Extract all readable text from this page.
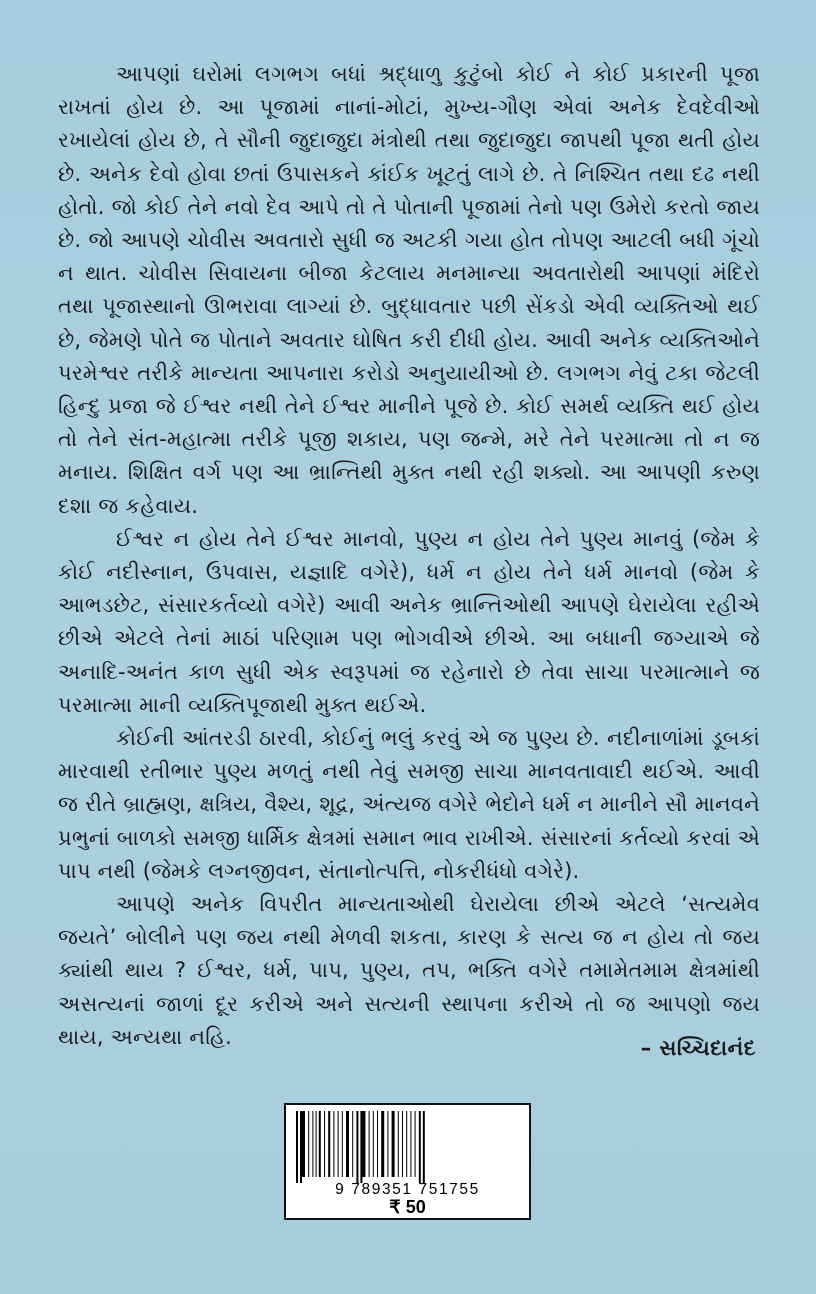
આપણાં ઘરોમાં લગભગ બધાં શ્રદ્ધાળુ કુટુંબો કોઈ ને કોઈ પ્રકારની પૂજા રાખતાં હોય છે. આ પૂજામાં નાનાં-મોટાં, મુખ્ય-ગૌણ એવાં અનેક દેવદેવીઓ રખાયેલાં હોય છે, તે સૌની જુદાજુદા મંત્રોથી તથા જુદાજુદા જાપથી પૂજા થતી હોય છે. અનેક દેવો હોવા છતાં ઉપાસકને કાંઈક ખૂટતું લાગે છે. તે નિશ્ચિત તથા દઢ નથી હોતો. જો કોઈ તેને નવો દેવ આપે તો તે પોતાની પૂજામાં તેનો પણ ઉમેરો કરતો જાય છે. જો આપણે ચોવીસ અવતારો સુધી જ અટકી ગયા હોત તોપણ આટલી બધી ગૂંચો ન થાત. ચોવીસ સિવાયના બીજા કેટલાય મનમાન્યા અવતારોથી આપણાં મંદિરો તથા પૂજાસ્થાનો ઊભરાવા લાગ્યાં છે. બુદ્ધાવતાર પછી સેંકડો એવી વ્યક્તિઓ થઈ છે, જેમણે પોતે જ પોતાને અવતાર ઘોષિત કરી દીધી હોય. આવી અનેક વ્યક્તિઓને પરમેશ્વર તરીકે માન્યતા આપનારા કરોડો અનુયાયીઓ છે. લગભગ નેવું ટકા જેટલી હિન્દુ પ્રજા જે ઈશ્વર નથી તેને ઈશ્વર માનીને પૂજે છે. કોઈ સમર્થ વ્યક્તિ થઈ હોય તો તેને સંત-મહાત્મા તરીકે પૂજી શકાય, પણ જન્મે, મરે તેને પરમાત્મા તો ન જ મનાય. શિક્ષિત વર્ગ પણ આ ભ્રાન્તિથી મુક્ત નથી રહી શક્યો. આ આપણી કરુણ દશા જ કહેવાય.

ઈશ્વર ન હોય તેને ઈશ્વર માનવો, પુણ્ય ન હોય તેને પુણ્ય માનવું (જેમ કે કોઈ નદીસ્નાન, ઉપવાસ, યજ્ઞાદિ વગેરે), ધર્મ ન હોય તેને ધર્મ માનવો (જેમ કે આભડછેટ, સંસારકર્તવ્યો વગેરે) આવી અનેક ભ્રાન્તિઓથી આપણે ઘેરાયેલા રહીએ છીએ એટલે તેનાં માઠાં પરિણામ પણ ભોગવીએ છીએ. આ બધાની જગ્યાએ જે અનાદિ-અનંત કાળ સુધી એક સ્વરૂપમાં જ રહેનારો છે તેવા સાચા પરમાત્માને જ પરમાત્મા માની વ્યક્તિપૂજાથી મુક્ત થઈએ.

કોઈની આંતરડી ઠારવી, કોઈનું ભલું કરવું એ જ પુણ્ય છે. નદીનાળાંમાં ડૂબકાં મારવાથી રતીભાર પુણ્ય મળતું નથી તેવું સમજી સાચા માનવતાવાદી થઈએ. આવી જ રીતે બ્રાહ્મણ, ક્ષત્રિય, વૈશ્ય, શૂદ્ર, અંત્યજ વગેરે ભેદોને ધર્મ ન માનીને સૌ માનવને પ્રભુનાં બાળકો સમજી ધાર્મિક ક્ષેત્રમાં સમાન ભાવ રાખીએ. સંસારનાં કર્તવ્યો કરવાં એ પાપ નથી (જેમકે લગ્નજીવન, સંતાનોત્પત્તિ, નોકરીધંધો વગેરે).

આપણે અનેક વિપરીત માન્યતાઓથી ઘેરાયેલા છીએ એટલે ‘સત્યમેવ જયતે’ બોલીને પણ જય નથી મેળવી શકતા, કારણ કે સત્ય જ ન હોય તો જય ક્યાંથી થાય ? ઈશ્વર, ધર્મ, પાપ, પુણ્ય, તપ, ભક્તિ વગેરે તમામેતમામ ક્ષેત્રમાંથી અસત્યનાં જાળાં દૂર કરીએ અને સત્યની સ્થાપના કરીએ તો જ આપણો જય થાય, અન્યથા નહિ.	– સચ્ચિદાનંદ
9 789351 751755
₹ 50
